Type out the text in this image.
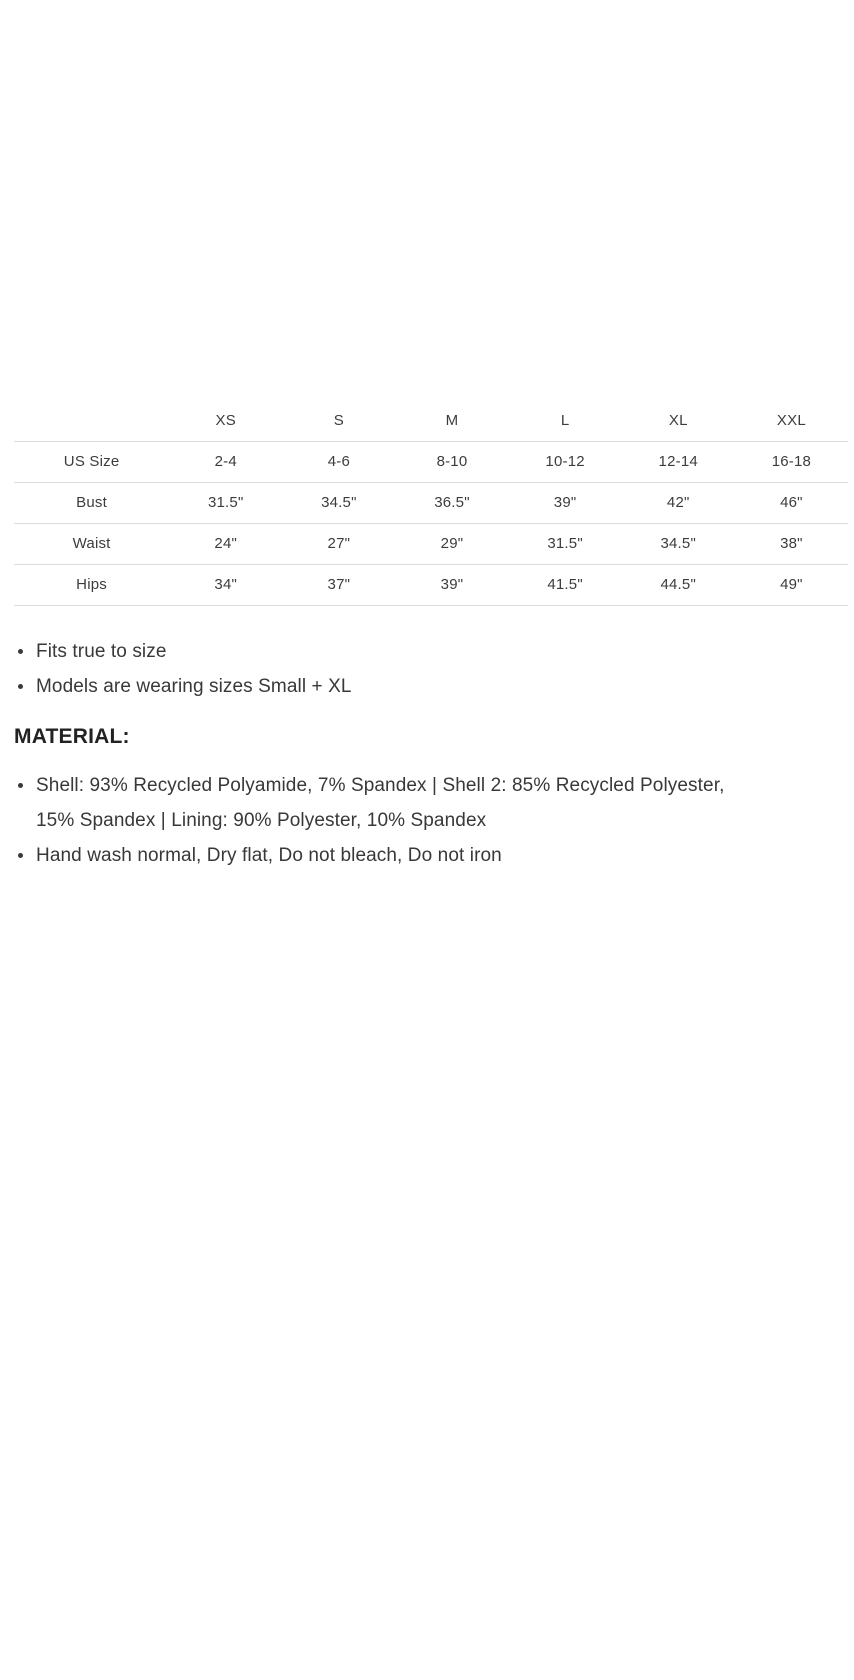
	XS	S	M	L	XL	XXL
US Size	2-4	4-6	8-10	10-12	12-14	16-18
Bust	31.5"	34.5"	36.5"	39"	42"	46"
Waist	24"	27"	29"	31.5"	34.5"	38"
Hips	34"	37"	39"	41.5"	44.5"	49"
Fits true to size
Models are wearing sizes Small + XL
MATERIAL:
Shell: 93% Recycled Polyamide, 7% Spandex | Shell 2: 85% Recycled Polyester, 15% Spandex | Lining: 90% Polyester, 10% Spandex
Hand wash normal, Dry flat, Do not bleach, Do not iron
